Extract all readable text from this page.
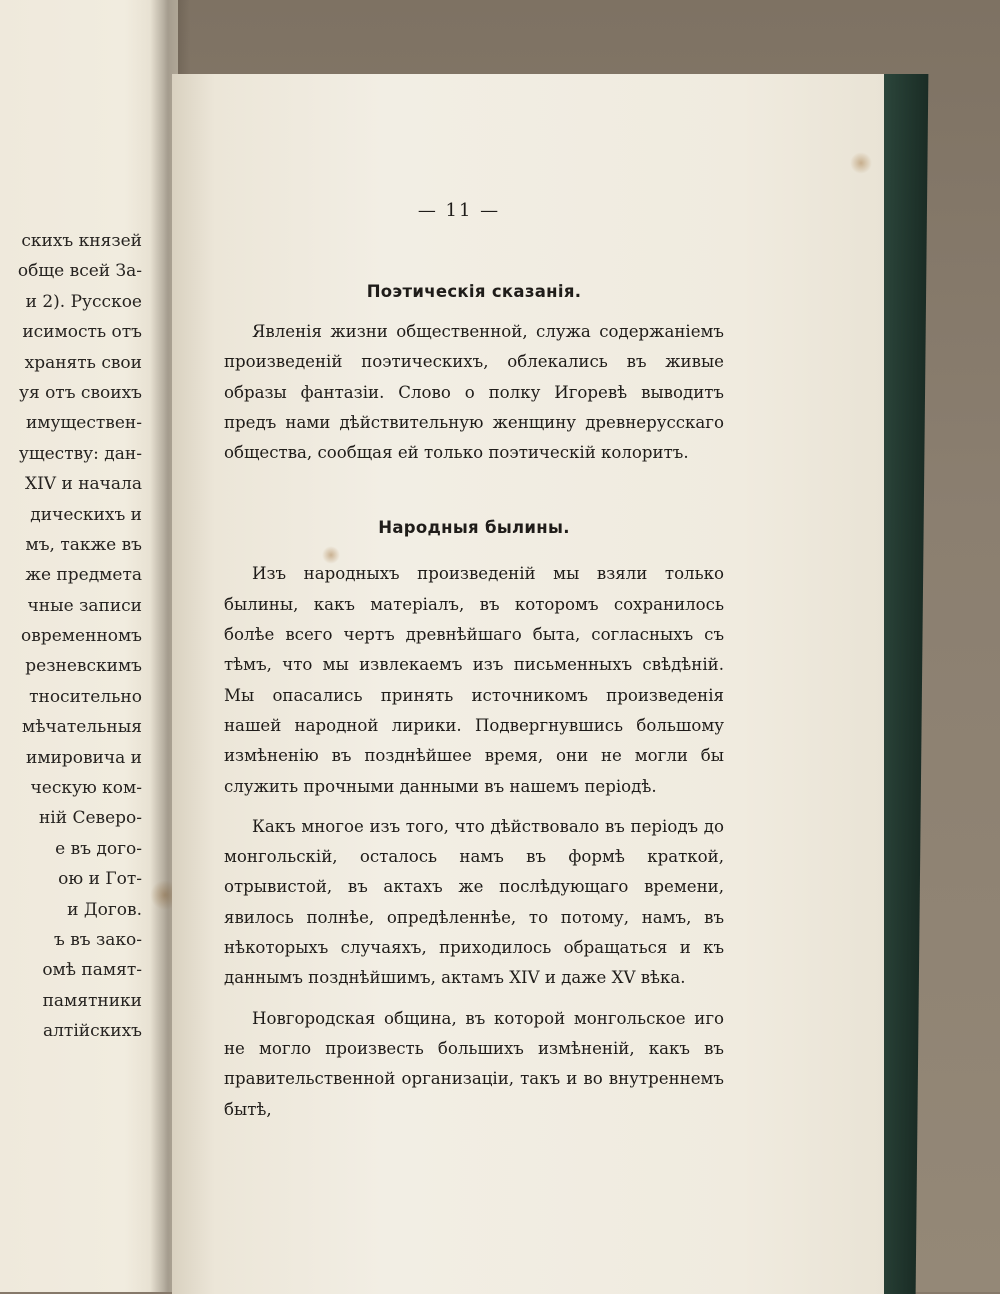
скихъ князей
обще всей За-
и 2). Русское
исимость отъ
хранять свои
уя отъ своихъ
имуществен-
уществу: дан-
XIV и начала
дическихъ и
мъ, также въ
же предмета
чные записи
овременномъ
резневскимъ
тносительно
мѣчательныя
имировича и
ческую ком-
ній Северо-
е въ дого-
ою и Гот-
и Догов.
ъ въ зако-
омѣ памят-
памятники
алтійскихъ
— 11 —
Поэтическія сказанія.

Явленія жизни общественной, служа содержаніемъ произведеній поэтическихъ, облекались въ живые образы фантазіи. Слово о полку Игоревѣ выводитъ предъ нами дѣйствительную женщину древнерусскаго общества, сообщая ей только поэтическій колоритъ.

Народныя былины.

Изъ народныхъ произведеній мы взяли только былины, какъ матеріалъ, въ которомъ сохранилось болѣе всего чертъ древнѣйшаго быта, согласныхъ съ тѣмъ, что мы извлекаемъ изъ письменныхъ свѣдѣній. Мы опасались принять источникомъ произведенія нашей народной лирики. Подвергнувшись большому измѣненію въ позднѣйшее время, они не могли бы служить прочными данными въ нашемъ періодѣ.

Какъ многое изъ того, что дѣйствовало въ періодъ до монгольскій, осталось намъ въ формѣ краткой, отрывистой, въ актахъ же послѣдующаго времени, явилось полнѣе, опредѣленнѣе, то потому, намъ, въ нѣкоторыхъ случаяхъ, приходилось обращаться и къ даннымъ позднѣйшимъ, актамъ XIV и даже XV вѣка.

Новгородская община, въ которой монгольское иго не могло произвесть большихъ измѣненій, какъ въ правительственной организаціи, такъ и во внутреннемъ бытѣ,
